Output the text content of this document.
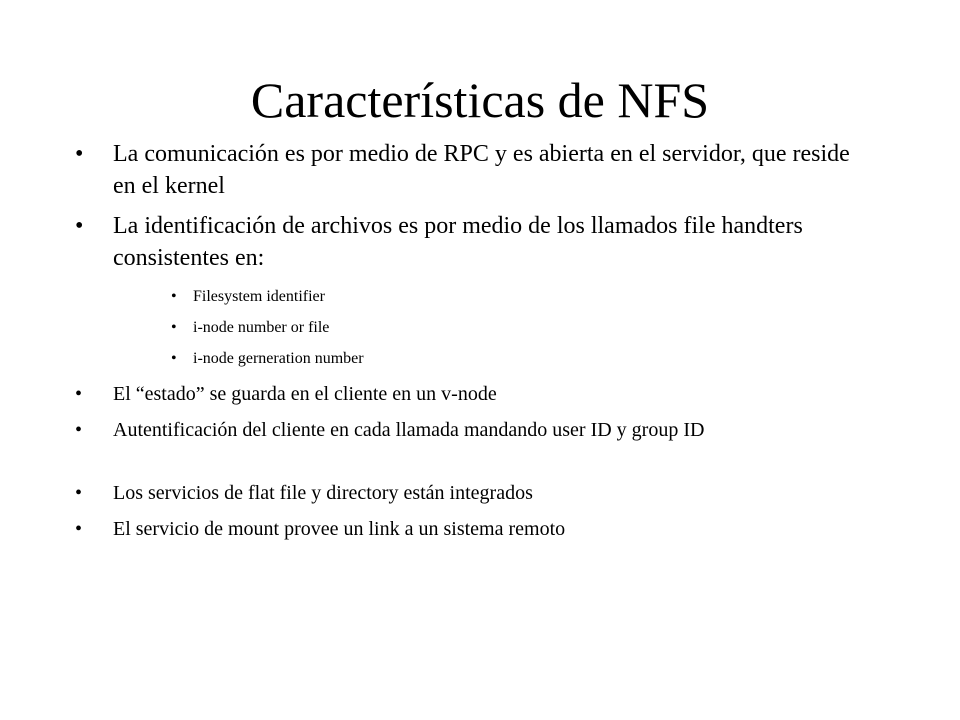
Características de NFS
• La comunicación es por medio de RPC y es abierta en el servidor, que reside en el kernel
• La identificación de archivos es por medio de los llamados file handters consistentes en:
• Filesystem identifier
• i-node number or file
• i-node gerneration number
• El “estado” se guarda en el cliente en un v-node
• Autentificación del cliente en cada llamada mandando user ID y group ID
• Los servicios de flat file y directory están integrados
• El servicio de mount provee un link a un sistema remoto
